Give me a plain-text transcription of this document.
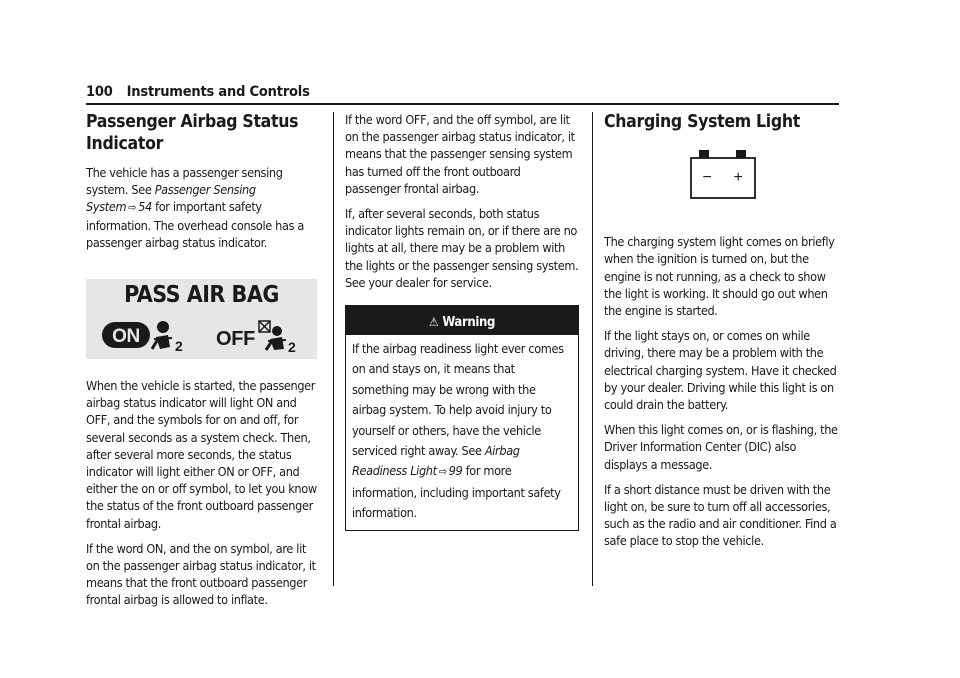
100 Instruments and Controls
Passenger Airbag Status Indicator

The vehicle has a passenger sensing system. See Passenger Sensing System ⇨ 54 for important safety information. The overhead console has a passenger airbag status indicator.

PASS AIR BAG
ON	2 OFF 2

When the vehicle is started, the passenger airbag status indicator will light ON and OFF, and the symbols for on and off, for several seconds as a system check. Then, after several more seconds, the status indicator will light either ON or OFF, and either the on or off symbol, to let you know the status of the front outboard passenger frontal airbag.

If the word ON, and the on symbol, are lit on the passenger airbag status indicator, it means that the front outboard passenger frontal airbag is allowed to inflate.

If the word OFF, and the off symbol, are lit on the passenger airbag status indicator, it means that the passenger sensing system has turned off the front outboard passenger frontal airbag.

If, after several seconds, both status indicator lights remain on, or if there are no lights at all, there may be a problem with the lights or the passenger sensing system. See your dealer for service.

⚠ Warning
If the airbag readiness light ever comes on and stays on, it means that something may be wrong with the airbag system. To help avoid injury to yourself or others, have the vehicle serviced right away. See Airbag Readiness Light ⇨ 99 for more information, including important safety information.
Charging System Light
− +

The charging system light comes on briefly when the ignition is turned on, but the engine is not running, as a check to show the light is working. It should go out when the engine is started.

If the light stays on, or comes on while driving, there may be a problem with the electrical charging system. Have it checked by your dealer. Driving while this light is on could drain the battery.

When this light comes on, or is flashing, the Driver Information Center (DIC) also displays a message.

If a short distance must be driven with the light on, be sure to turn off all accessories, such as the radio and air conditioner. Find a safe place to stop the vehicle.
